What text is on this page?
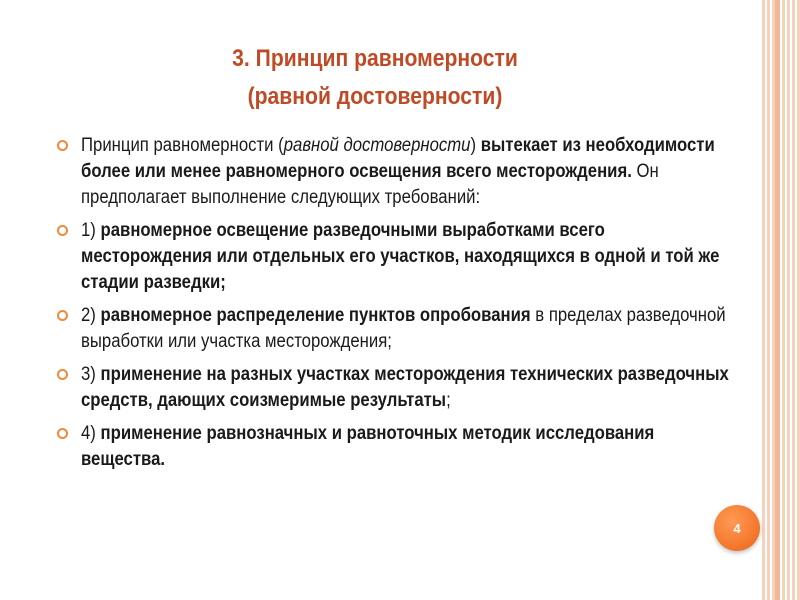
3. Принцип равномерности
(равной достоверности)
Принцип равномерности (равной достоверности) вытекает из необходимости более или менее равномерного освещения всего месторождения. Он предполагает выполнение следующих требований:
1) равномерное освещение разведочными выработками всего месторождения или отдельных его участков, находящихся в одной и той же стадии разведки;
2) равномерное распределение пунктов опробования в пределах разведочной выработки или участка месторождения;
3) применение на разных участках месторождения технических разведочных средств, дающих соизмеримые результаты;
4) применение равнозначных и равноточных методик исследования вещества.
4
